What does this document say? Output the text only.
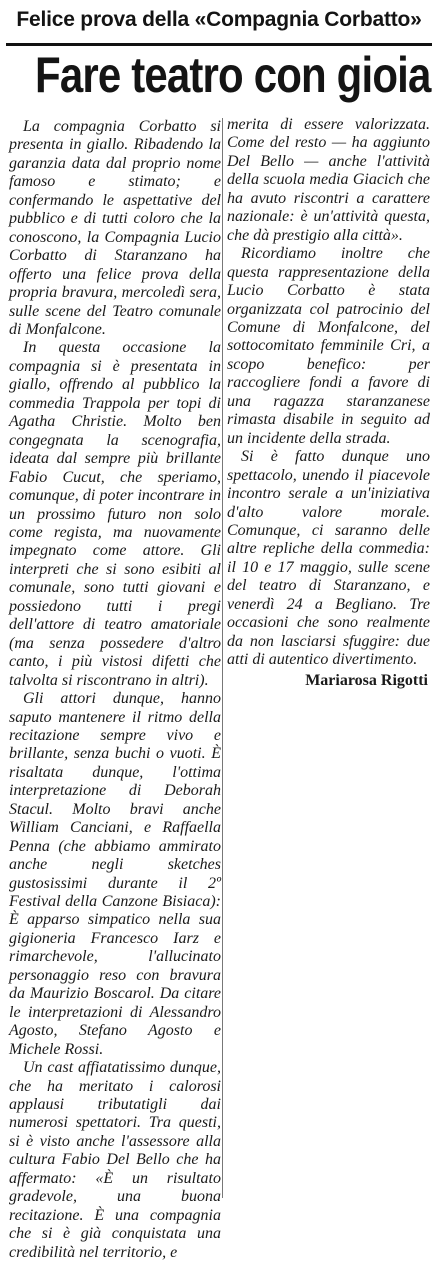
Felice prova della «Compagnia Corbatto»
Fare teatro con gioia

La compagnia Corbatto si presenta in giallo. Ribadendo la garanzia data dal proprio nome famoso e stimato; e confermando le aspettative del pubblico e di tutti coloro che la conoscono, la Compagnia Lucio Corbatto di Staranzano ha offerto una felice prova della propria bravura, mercoledì sera, sulle scene del Teatro comunale di Monfalcone.

In questa occasione la compagnia si è presentata in giallo, offrendo al pubblico la commedia Trappola per topi di Agatha Christie. Molto ben congegnata la scenografia, ideata dal sempre più brillante Fabio Cucut, che speriamo, comunque, di poter incontrare in un prossimo futuro non solo come regista, ma nuovamente impegnato come attore. Gli interpreti che si sono esibiti al comunale, sono tutti giovani e possiedono tutti i pregi dell'attore di teatro amatoriale (ma senza possedere d'altro canto, i più vistosi difetti che talvolta si riscontrano in altri).

Gli attori dunque, hanno saputo mantenere il ritmo della recitazione sempre vivo e brillante, senza buchi o vuoti. È risaltata dunque, l'ottima interpretazione di Deborah Stacul. Molto bravi anche William Canciani, e Raffaella Penna (che abbiamo ammirato anche negli sketches gustosissimi durante il 2º Festival della Canzone Bisiaca): È apparso simpatico nella sua gigioneria Francesco Iarz e rimarchevole, l'allucinato personaggio reso con bravura da Maurizio Boscarol. Da citare le interpretazioni di Alessandro Agosto, Stefano Agosto e Michele Rossi.

Un cast affiatatissimo dunque, che ha meritato i calorosi applausi tributatigli dai numerosi spettatori. Tra questi, si è visto anche l'assessore alla cultura Fabio Del Bello che ha affermato: «È un risultato gradevole, una buona recitazione. È una compagnia che si è già conquistata una credibilità nel territorio, e

merita di essere valorizzata. Come del resto — ha aggiunto Del Bello — anche l'attività della scuola media Giacich che ha avuto riscontri a carattere nazionale: è un'attività questa, che dà prestigio alla città».

Ricordiamo inoltre che questa rappresentazione della Lucio Corbatto è stata organizzata col patrocinio del Comune di Monfalcone, del sottocomitato femminile Cri, a scopo benefico: per raccogliere fondi a favore di una ragazza staranzanese rimasta disabile in seguito ad un incidente della strada.

Si è fatto dunque uno spettacolo, unendo il piacevole incontro serale a un'iniziativa d'alto valore morale. Comunque, ci saranno delle altre repliche della commedia: il 10 e 17 maggio, sulle scene del teatro di Staranzano, e venerdì 24 a Begliano. Tre occasioni che sono realmente da non lasciarsi sfuggire: due atti di autentico divertimento.

Mariarosa Rigotti
